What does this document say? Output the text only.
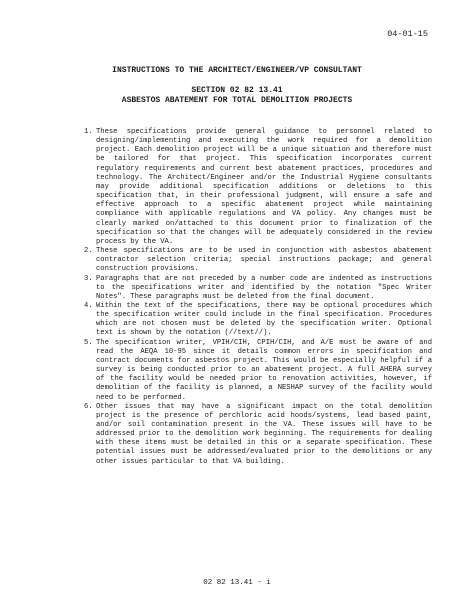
04-01-15
INSTRUCTIONS TO THE ARCHITECT/ENGINEER/VP CONSULTANT
SECTION 02 82 13.41
ASBESTOS ABATEMENT FOR TOTAL DEMOLITION PROJECTS
1. These specifications provide general guidance to personnel related to designing/implementing and executing the work required for a demolition project. Each demolition project will be a unique situation and therefore must be tailored for that project. This specification incorporates current regulatory requirements and current best abatement practices, procedures and technology. The Architect/Engineer and/or the Industrial Hygiene consultants may provide additional specification additions or deletions to this specification that, in their professional judgment, will ensure a safe and effective approach to a specific abatement project while maintaining compliance with applicable regulations and VA policy. Any changes must be clearly marked on/attached to this document prior to finalization of the specification so that the changes will be adequately considered in the review process by the VA.
2. These specifications are to be used in conjunction with asbestos abatement contractor selection criteria; special instructions package; and general construction provisions.
3. Paragraphs that are not preceded by a number code are indented as instructions to the specifications writer and identified by the notation "Spec Writer Notes". These paragraphs must be deleted from the final document.
4. Within the text of the specifications, there may be optional procedures which the specification writer could include in the final specification. Procedures which are not chosen must be deleted by the specification writer. Optional text is shown by the notation (//text//).
5. The specification writer, VPIH/CIH, CPIH/CIH, and A/E must be aware of and read the AEQA 10-95 since it details common errors in specification and contract documents for asbestos project. This would be especially helpful if a survey is being conducted prior to an abatement project. A full AHERA survey of the facility would be needed prior to renovation activities, however, if demolition of the facility is planned, a NESHAP survey of the facility would need to be performed.
6. Other issues that may have a significant impact on the total demolition project is the presence of perchloric acid hoods/systems, lead based paint, and/or soil contamination present in the VA. These issues will have to be addressed prior to the demolition work beginning. The requirements for dealing with these items must be detailed in this or a separate specification. These potential issues must be addressed/evaluated prior to the demolitions or any other issues particular to that VA building.
02 82 13.41 - i
